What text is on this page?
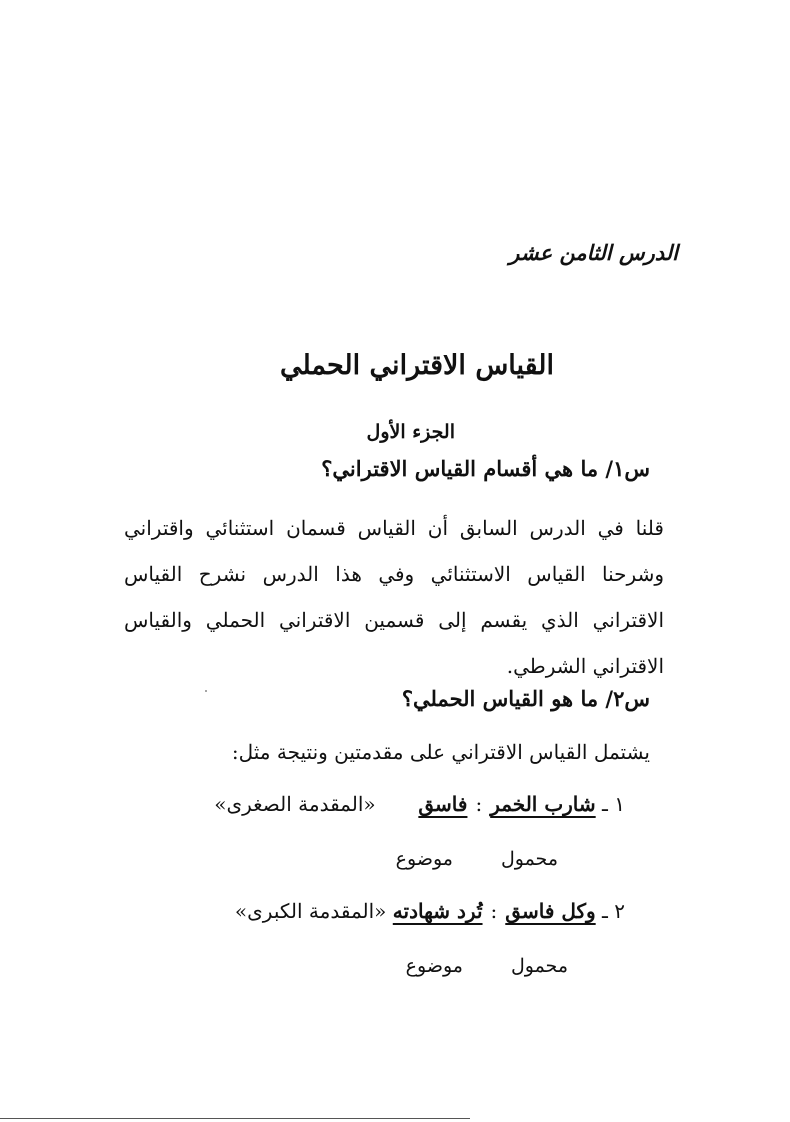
الدرس الثامن عشر
القياس الاقتراني الحملي
الجزء الأول
س١/ ما هي أقسام القياس الاقتراني؟
قلنا في الدرس السابق أن القياس قسمان استثنائي واقتراني
وشرحنا القياس الاستثنائي وفي هذا الدرس نشرح القياس
الاقتراني الذي يقسم إلى قسمين الاقتراني الحملي والقياس
الاقتراني الشرطي.
س٢/ ما هو القياس الحملي؟
يشتمل القياس الاقتراني على مقدمتين ونتيجة مثل:
١ ـ شارب الخمر:فاسق  «المقدمة الصغرى»
موضوع	محمول
٢ ـ وكل فاسق:تُرد شهادته «المقدمة الكبرى»
موضوع	محمول
